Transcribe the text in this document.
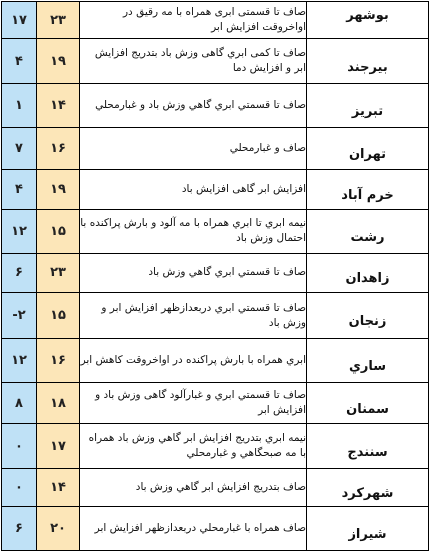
۱۷	۲۳	صاف تا قسمتی ابری همراه با مه رقیق در اواخروقت افزایش ابر	بوشهر
۴	۱۹	صاف تا کمی ابري گاهی وزش باد بتدریج افزایش ابر و افزایش دما	بیرجند
۱	۱۴	صاف تا قسمتي ابري گاهي وزش باد و غبارمحلي	تبریز
۷	۱۶	صاف و غبارمحلي	تهران
۴	۱۹	افزایش ابر گاهی افزایش باد	خرم آباد
۱۲	۱۵	نیمه ابري تا ابري همراه با مه آلود و بارش پراکنده با احتمال وزش باد	رشت
۶	۲۳	صاف تا قسمتي ابري گاهي وزش باد	زاهدان
-۲	۱۵	صاف تا قسمتي ابري دربعدازظهر افزایش ابر و وزش باد	زنجان
۱۲	۱۶	ابري همراه با بارش پراکنده در اواخروقت کاهش ابر	ساري
۸	۱۸	صاف تا قسمتي ابري و غبارآلود گاهی وزش باد و افزایش ابر	سمنان
۰	۱۷	نیمه ابري بتدریج افزایش ابر گاهي وزش باد همراه با مه صبحگاهي و غبارمحلي	سنندج
۰	۱۴	صاف بتدریج افزایش ابر گاهي وزش باد	شهرکرد
۶	۲۰	صاف همراه با غبارمحلي دربعدازظهر افزایش ابر	شیراز
